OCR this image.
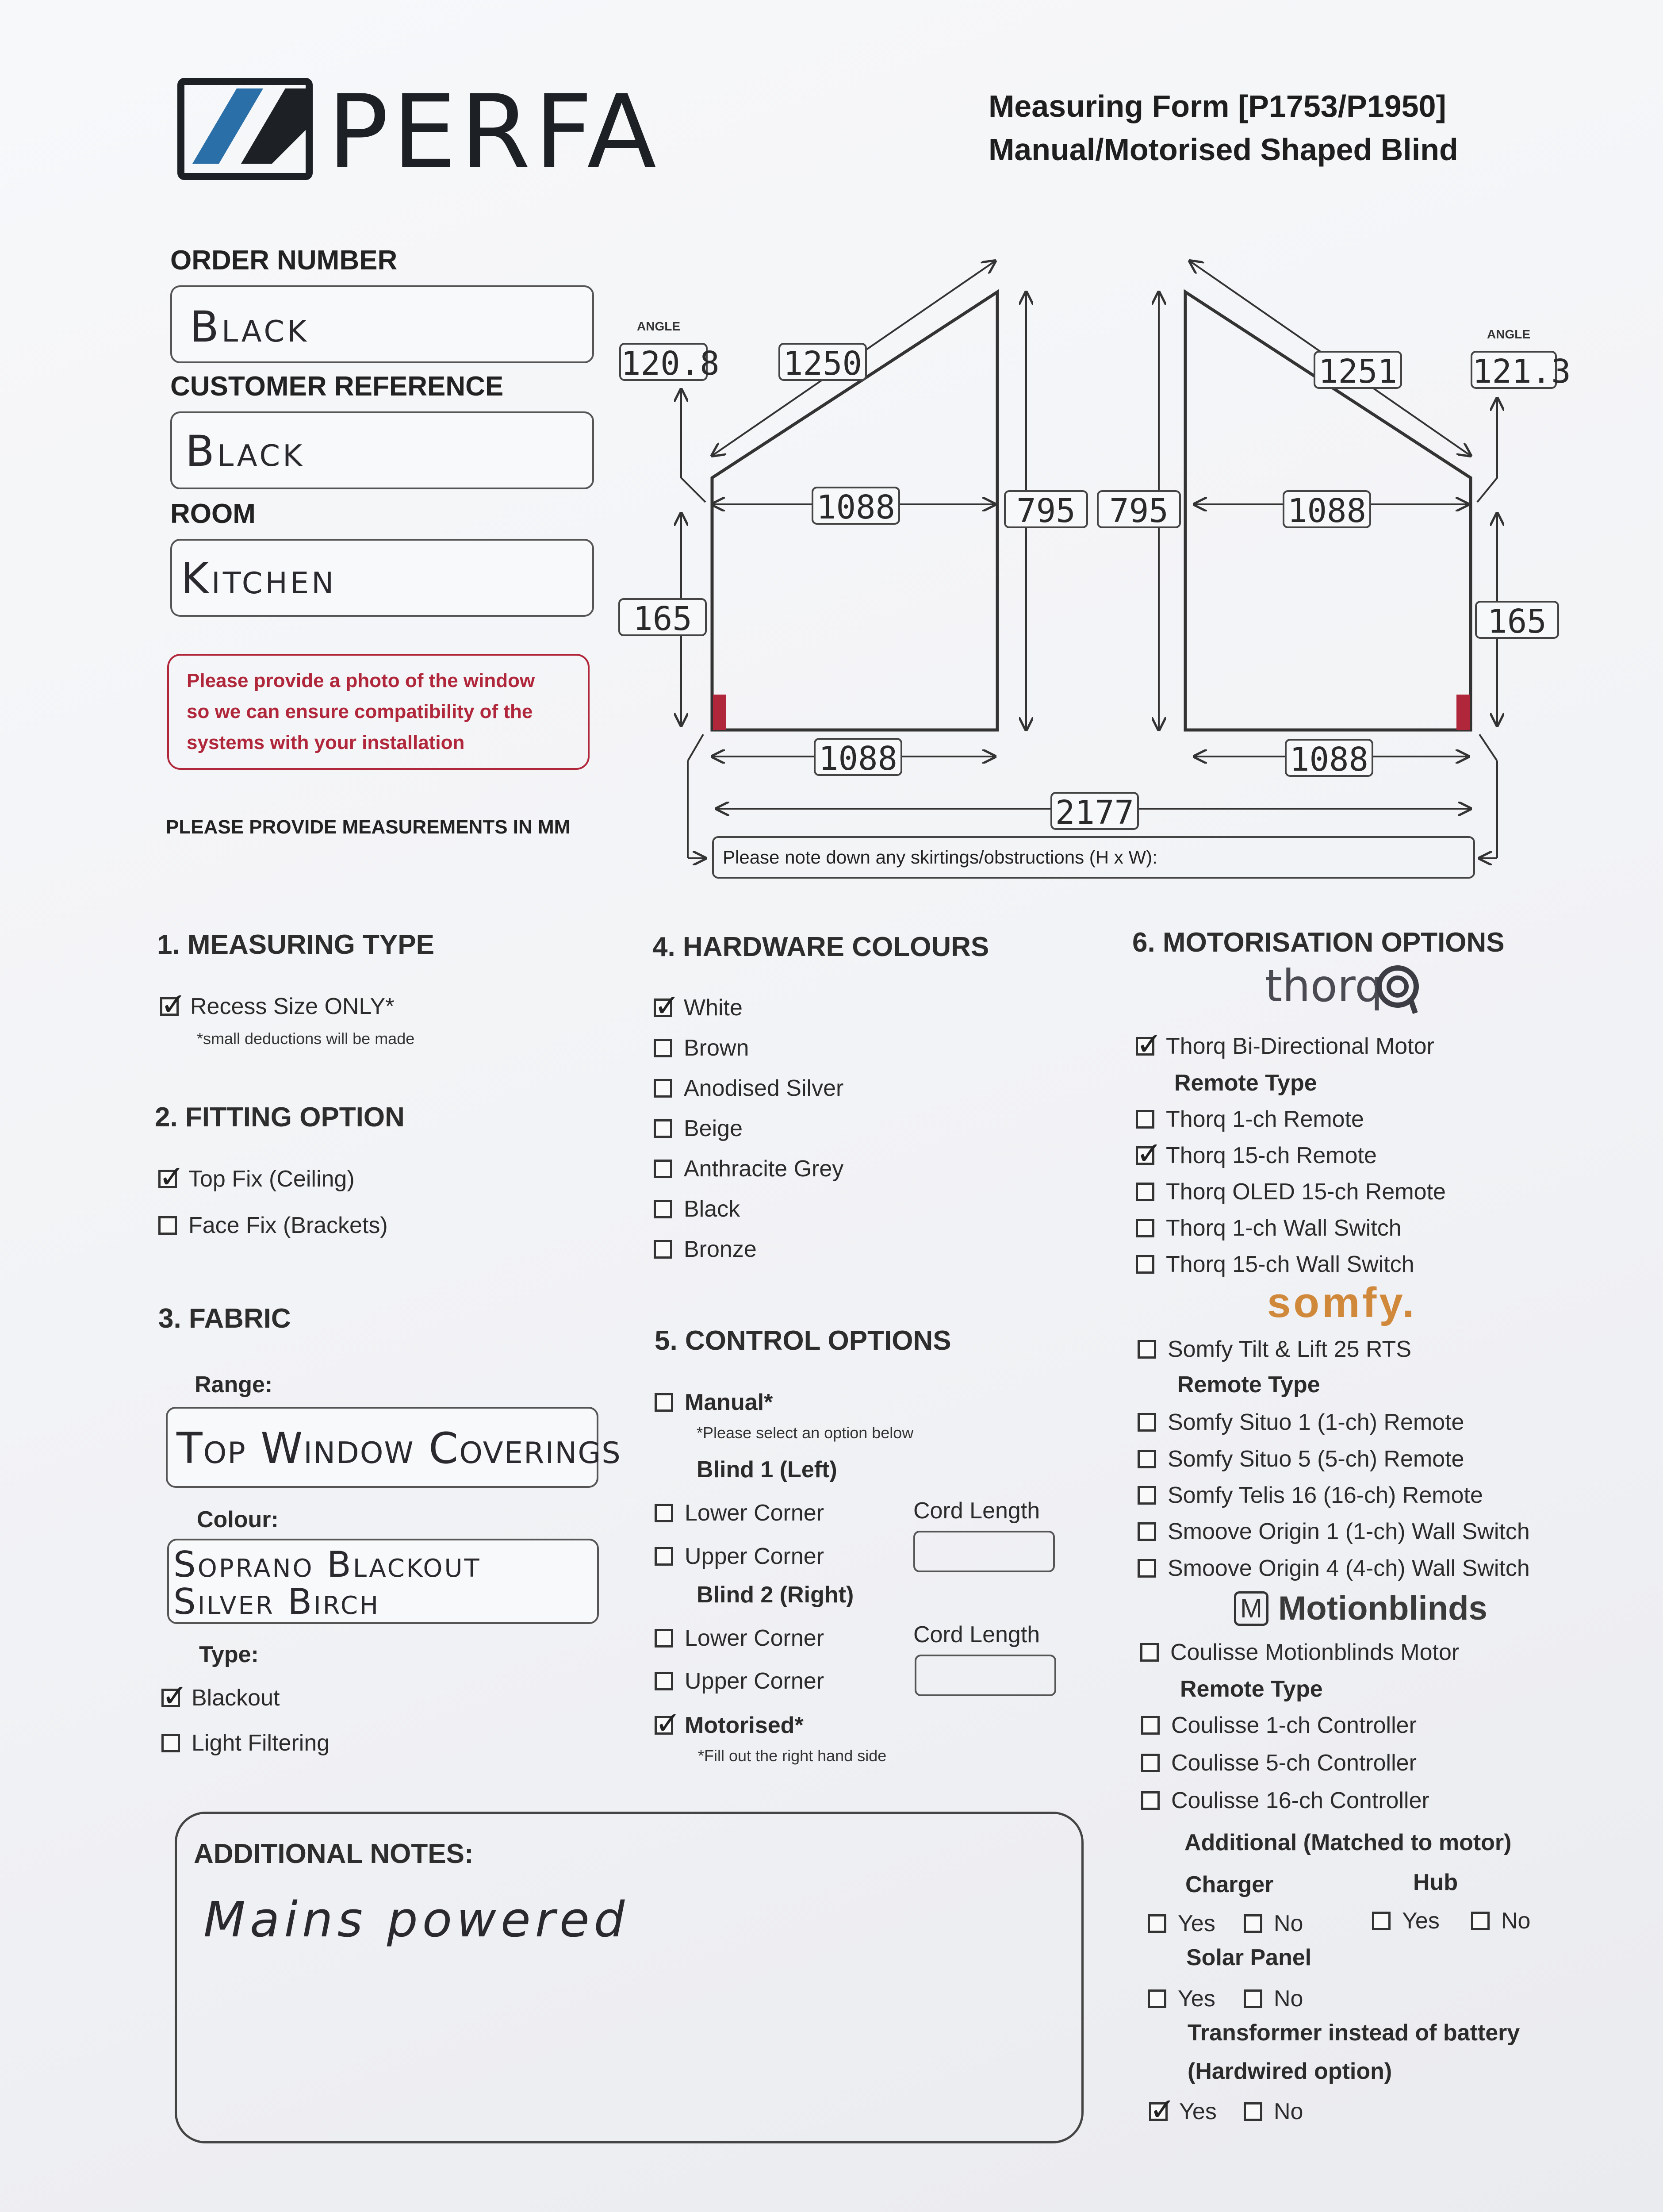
PERFA	Measuring Form [P1753/P1950]
Manual/Motorised Shaped Blind
ORDER NUMBER
Black
CUSTOMER REFERENCE
Black
ROOM
Kitchen
Please provide a photo of the window
so we can ensure compatibility of the
systems with your installation
PLEASE PROVIDE MEASUREMENTS IN MM
ANGLE
ANGLE
120.8 1250
1088	795
165
1088
795	1088
1251 121.3
165
1088
2177
Please note down any skirtings/obstructions (H x W):
1. MEASURING TYPE
✓
Recess Size ONLY*
*small deductions will be made
2. FITTING OPTION
✓
Top Fix (Ceiling)
Face Fix (Brackets)
3. FABRIC
Range:
Top Window Coverings
Colour:
Soprano Blackout
Silver Birch
Type:
✓
Blackout
Light Filtering
4. HARDWARE COLOURS
✓
White
Brown
Anodised Silver
Beige
Anthracite Grey
Black
Bronze
5. CONTROL OPTIONS
Manual*
*Please select an option below
Blind 1 (Left)
Lower Corner
Upper Corner
Cord Length
Blind 2 (Right)
Lower Corner
Upper Corner
Cord Length
✓
Motorised*
*Fill out the right hand side
ADDITIONAL NOTES:
Mains powered
6. MOTORISATION OPTIONS
thorq
✓
Thorq Bi-Directional Motor
Remote Type
Thorq 1-ch Remote
✓
Thorq 15-ch Remote
Thorq OLED 15-ch Remote
Thorq 1-ch Wall Switch
Thorq 15-ch Wall Switch
somfy.
Somfy Tilt & Lift 25 RTS
Remote Type
Somfy Situo 1 (1-ch) Remote
Somfy Situo 5 (5-ch) Remote
Somfy Telis 16 (16-ch) Remote
Smoove Origin 1 (1-ch) Wall Switch
Smoove Origin 4 (4-ch) Wall Switch
M Motionblinds
Coulisse Motionblinds Motor
Remote Type
Coulisse 1-ch Controller
Coulisse 5-ch Controller
Coulisse 16-ch Controller
Additional (Matched to motor)
Charger	Hub
Yes	No	Yes	No
Solar Panel
Yes	No
Transformer instead of battery
(Hardwired option)
✓
Yes No
